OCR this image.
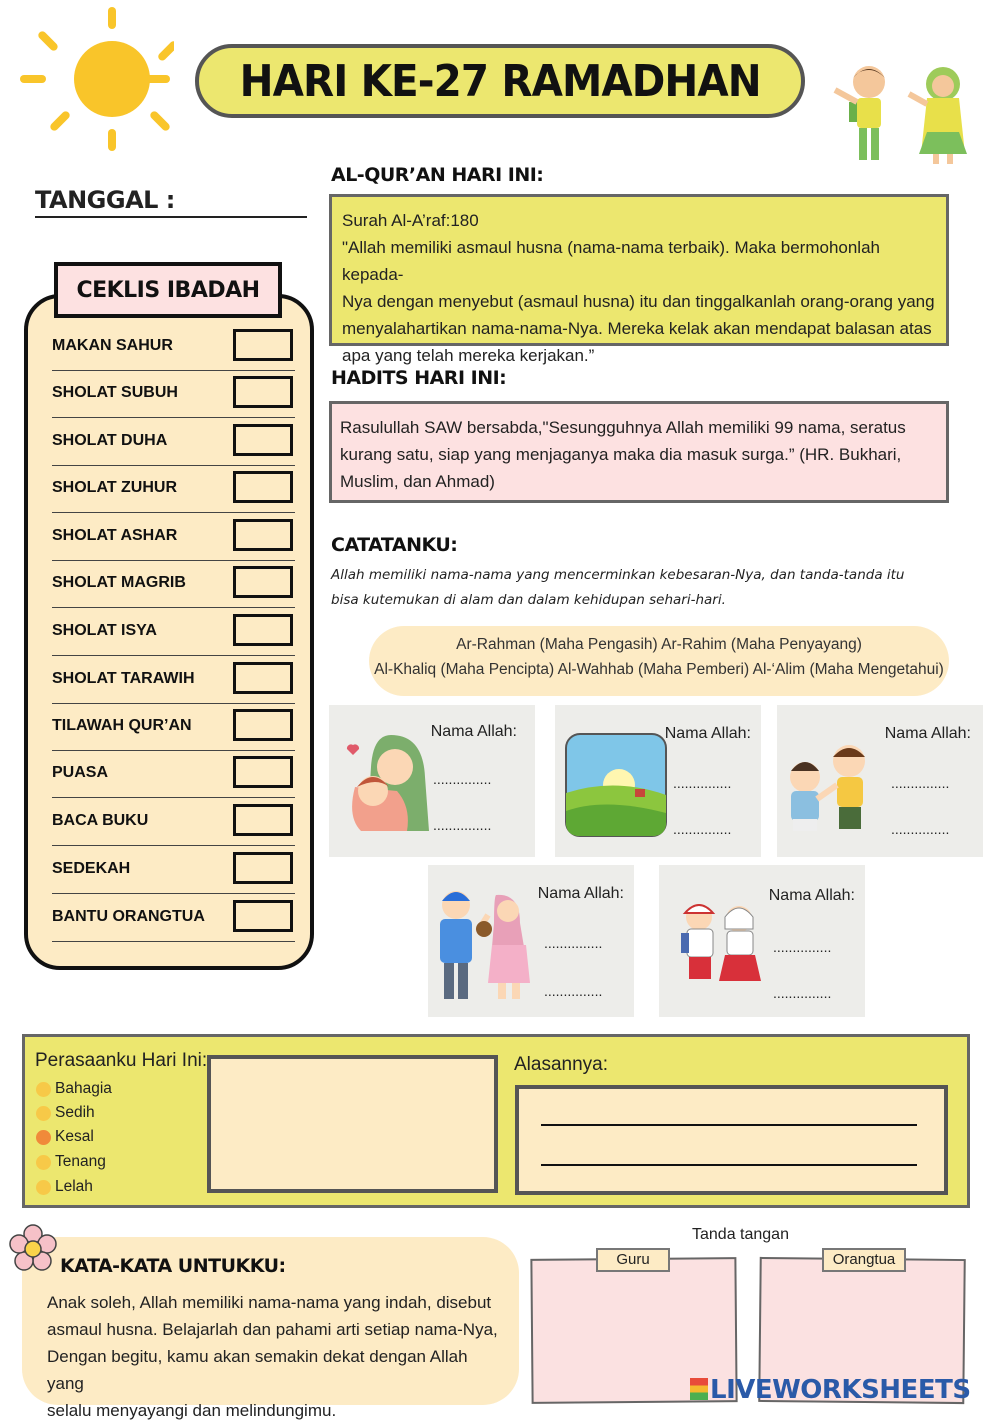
HARI KE-27 RAMADHAN
TANGGAL :
CEKLIS IBADAH
MAKAN SAHUR
SHOLAT SUBUH
SHOLAT DUHA
SHOLAT ZUHUR
SHOLAT ASHAR
SHOLAT MAGRIB
SHOLAT ISYA
SHOLAT TARAWIH
TILAWAH QUR’AN
PUASA
BACA BUKU
SEDEKAH
BANTU ORANGTUA
AL-QUR’AN HARI INI:
Surah Al-A’raf:180
"Allah memiliki asmaul husna (nama-nama terbaik). Maka bermohonlah kepada-
Nya dengan menyebut (asmaul husna) itu dan tinggalkanlah orang-orang yang
menyalahartikan nama-nama-Nya. Mereka kelak akan mendapat balasan atas
apa yang telah mereka kerjakan.”
HADITS HARI INI:
Rasulullah SAW bersabda,"Sesungguhnya Allah memiliki 99 nama, seratus
kurang satu, siap yang menjaganya maka dia masuk surga.” (HR. Bukhari,
Muslim, dan Ahmad)
CATATANKU:
Allah memiliki nama-nama yang mencerminkan kebesaran-Nya, dan tanda-tanda itu
bisa kutemukan di alam dan dalam kehidupan sehari-hari.
Ar-Rahman (Maha Pengasih) Ar-Rahim (Maha Penyayang)
Al-Khaliq (Maha Pencipta) Al-Wahhab (Maha Pemberi) Al-‘Alim (Maha Mengetahui)
Nama Allah:
...............
...............
Nama Allah:
...............
...............
Nama Allah:
...............
...............
Nama Allah:
...............
...............
Nama Allah:
...............
...............
Perasaanku Hari Ini:
Bahagia
Sedih
Kesal
Tenang
Lelah
Alasannya:
KATA-KATA UNTUKKU:
Anak soleh, Allah memiliki nama-nama yang indah, disebut
asmaul husna. Belajarlah dan pahami arti setiap nama-Nya,
Dengan begitu, kamu akan semakin dekat dengan Allah yang
selalu menyayangi dan melindungimu.
Tanda tangan
Guru	Orangtua
LIVEWORKSHEETS
